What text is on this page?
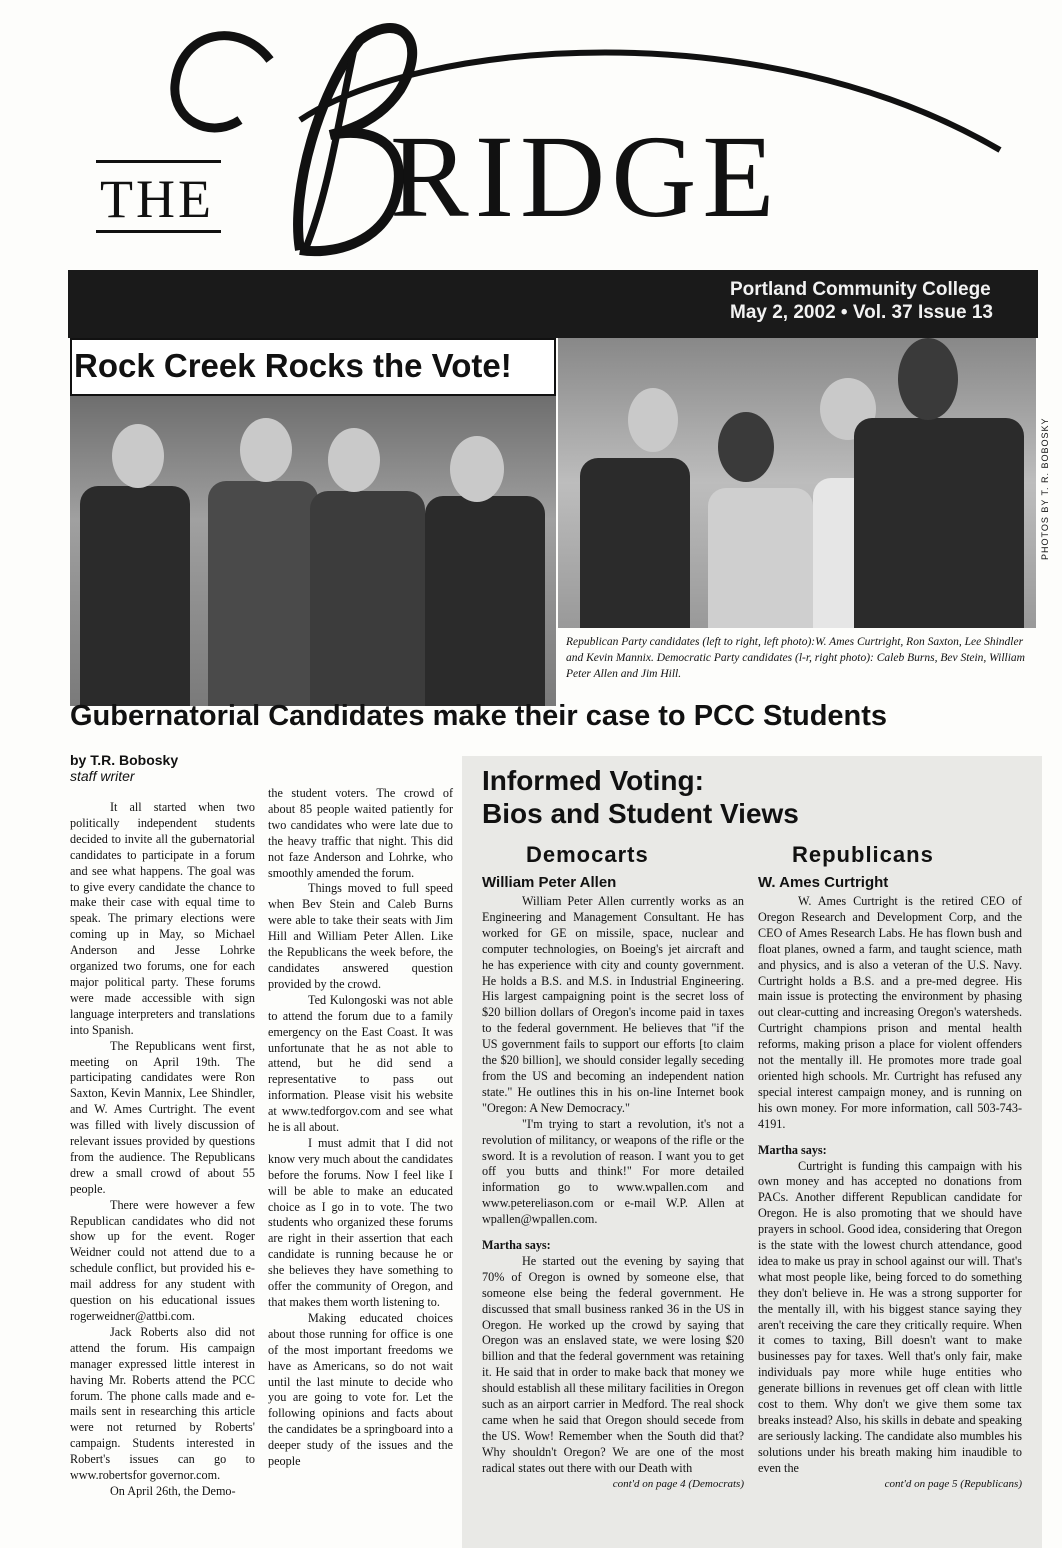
THE RIDGE
Portland Community College
May 2, 2002 • Vol. 37 Issue 13
Rock Creek Rocks the Vote!
PHOTOS BY T. R. BOBOSKY
Republican Party candidates (left to right, left photo):W. Ames Curtright, Ron Saxton, Lee Shindler and Kevin Mannix. Democratic Party candidates (l-r, right photo): Caleb Burns, Bev Stein, William Peter Allen and Jim Hill.
Gubernatorial Candidates make their case to PCC Students
by T.R. Bobosky
staff writer

It all started when two politically independent students decided to invite all the gubernatorial candidates to participate in a forum and see what happens. The goal was to give every candidate the chance to make their case with equal time to speak. The primary elections were coming up in May, so Michael Anderson and Jesse Lohrke organized two forums, one for each major political party. These forums were made accessible with sign language interpreters and translations into Spanish.

The Republicans went first, meeting on April 19th. The participating candidates were Ron Saxton, Kevin Mannix, Lee Shindler, and W. Ames Curtright. The event was filled with lively discussion of relevant issues provided by questions from the audience. The Republicans drew a small crowd of about 55 people.

There were however a few Republican candidates who did not show up for the event. Roger Weidner could not attend due to a schedule conflict, but provided his e-mail address for any student with question on his educational issues rogerweidner@attbi.com.

Jack Roberts also did not attend the forum. His campaign manager expressed little interest in having Mr. Roberts attend the PCC forum. The phone calls made and e-mails sent in researching this article were not returned by Roberts' campaign. Students interested in Robert's issues can go to www.robertsfor governor.com.

On April 26th, the Demo-

the student voters. The crowd of about 85 people waited patiently for two candidates who were late due to the heavy traffic that night. This did not faze Anderson and Lohrke, who smoothly amended the forum.

Things moved to full speed when Bev Stein and Caleb Burns were able to take their seats with Jim Hill and William Peter Allen. Like the Republicans the week before, the candidates answered question provided by the crowd.

Ted Kulongoski was not able to attend the forum due to a family emergency on the East Coast. It was unfortunate that he as not able to attend, but he did send a representative to pass out information. Please visit his website at www.tedforgov.com and see what he is all about.

I must admit that I did not know very much about the candidates before the forums. Now I feel like I will be able to make an educated choice as I go in to vote. The two students who organized these forums are right in their assertion that each candidate is running because he or she believes they have something to offer the community of Oregon, and that makes them worth listening to.

Making educated choices about those running for office is one of the most important freedoms we have as Americans, so do not wait until the last minute to decide who you are going to vote for. Let the following opinions and facts about the candidates be a springboard into a deeper study of the issues and the people

Informed Voting:
Bios and Student Views
Democarts	Republicans
William Peter Allen	W. Ames Curtright

William Peter Allen currently works as an Engineering and Management Consultant. He has worked for GE on missile, space, nuclear and computer technologies, on Boeing's jet aircraft and he has experience with city and county government. He holds a B.S. and M.S. in Industrial Engineering. His largest campaigning point is the secret loss of $20 billion dollars of Oregon's income paid in taxes to the federal government. He believes that "if the US government fails to support our efforts [to claim the $20 billion], we should consider legally seceding from the US and becoming an independent nation state." He outlines this in his on-line Internet book "Oregon: A New Democracy."

"I'm trying to start a revolution, it's not a revolution of militancy, or weapons of the rifle or the sword. It is a revolution of reason. I want you to get off you butts and think!" For more detailed information go to www.wpallen.com and www.petereliason.com or e-mail W.P. Allen at wpallen@wpallen.com.

Martha says:

He started out the evening by saying that 70% of Oregon is owned by someone else, that someone else being the federal government. He discussed that small business ranked 36 in the US in Oregon. He worked up the crowd by saying that Oregon was an enslaved state, we were losing $20 billion and that the federal government was retaining it. He said that in order to make back that money we should establish all these military facilities in Oregon such as an airport carrier in Medford. The real shock came when he said that Oregon should secede from the US. Wow! Remember when the South did that? Why shouldn't Oregon? We are one of the most radical states out there with our Death with

cont'd on page 4 (Democrats)

W. Ames Curtright is the retired CEO of Oregon Research and Development Corp, and the CEO of Ames Research Labs. He has flown bush and float planes, owned a farm, and taught science, math and physics, and is also a veteran of the U.S. Navy. Curtright holds a B.S. and a pre-med degree. His main issue is protecting the environment by phasing out clear-cutting and increasing Oregon's watersheds. Curtright champions prison and mental health reforms, making prison a place for violent offenders not the mentally ill. He promotes more trade goal oriented high schools. Mr. Curtright has refused any special interest campaign money, and is running on his own money. For more information, call 503-743-4191.

Martha says:

Curtright is funding this campaign with his own money and has accepted no donations from PACs. Another different Republican candidate for Oregon. He is also promoting that we should have prayers in school. Good idea, considering that Oregon is the state with the lowest church attendance, good idea to make us pray in school against our will. That's what most people like, being forced to do something they don't believe in. He was a strong supporter for the mentally ill, with his biggest stance saying they aren't receiving the care they critically require. When it comes to taxing, Bill doesn't want to make businesses pay for taxes. Well that's only fair, make individuals pay more while huge entities who generate billions in revenues get off clean with little cost to them. Why don't we give them some tax breaks instead? Also, his skills in debate and speaking are seriously lacking. The candidate also mumbles his solutions under his breath making him inaudible to even the

cont'd on page 5 (Republicans)
